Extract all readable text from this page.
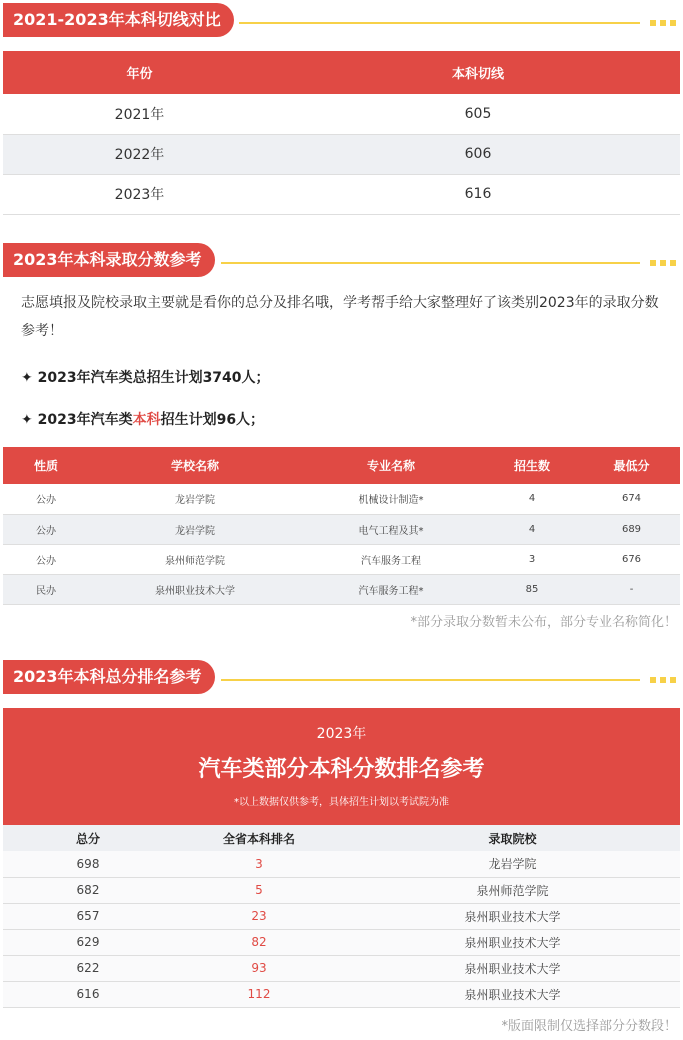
2021-2023年本科切线对比
年份	本科切线
2021年	605
2022年	606
2023年	616
2023年本科录取分数参考

志愿填报及院校录取主要就是看你的总分及排名哦，学考帮手给大家整理好了该类别2023年的录取分数参考！

✦ 2023年汽车类总招生计划3740人；
✦ 2023年汽车类本科招生计划96人；
性质	学校名称	专业名称	招生数	最低分
公办	龙岩学院	机械设计制造*	4	674
公办	龙岩学院	电气工程及其*	4	689
公办	泉州师范学院	汽车服务工程	3	676
民办	泉州职业技术大学	汽车服务工程*	85	-
*部分录取分数暂未公布，部分专业名称简化！
2023年本科总分排名参考
2023年
汽车类部分本科分数排名参考
*以上数据仅供参考，具体招生计划以考试院为准
总分	全省本科排名	录取院校
698	3	龙岩学院
682	5	泉州师范学院
657	23	泉州职业技术大学
629	82	泉州职业技术大学
622	93	泉州职业技术大学
616	112	泉州职业技术大学
*版面限制仅选择部分分数段！
